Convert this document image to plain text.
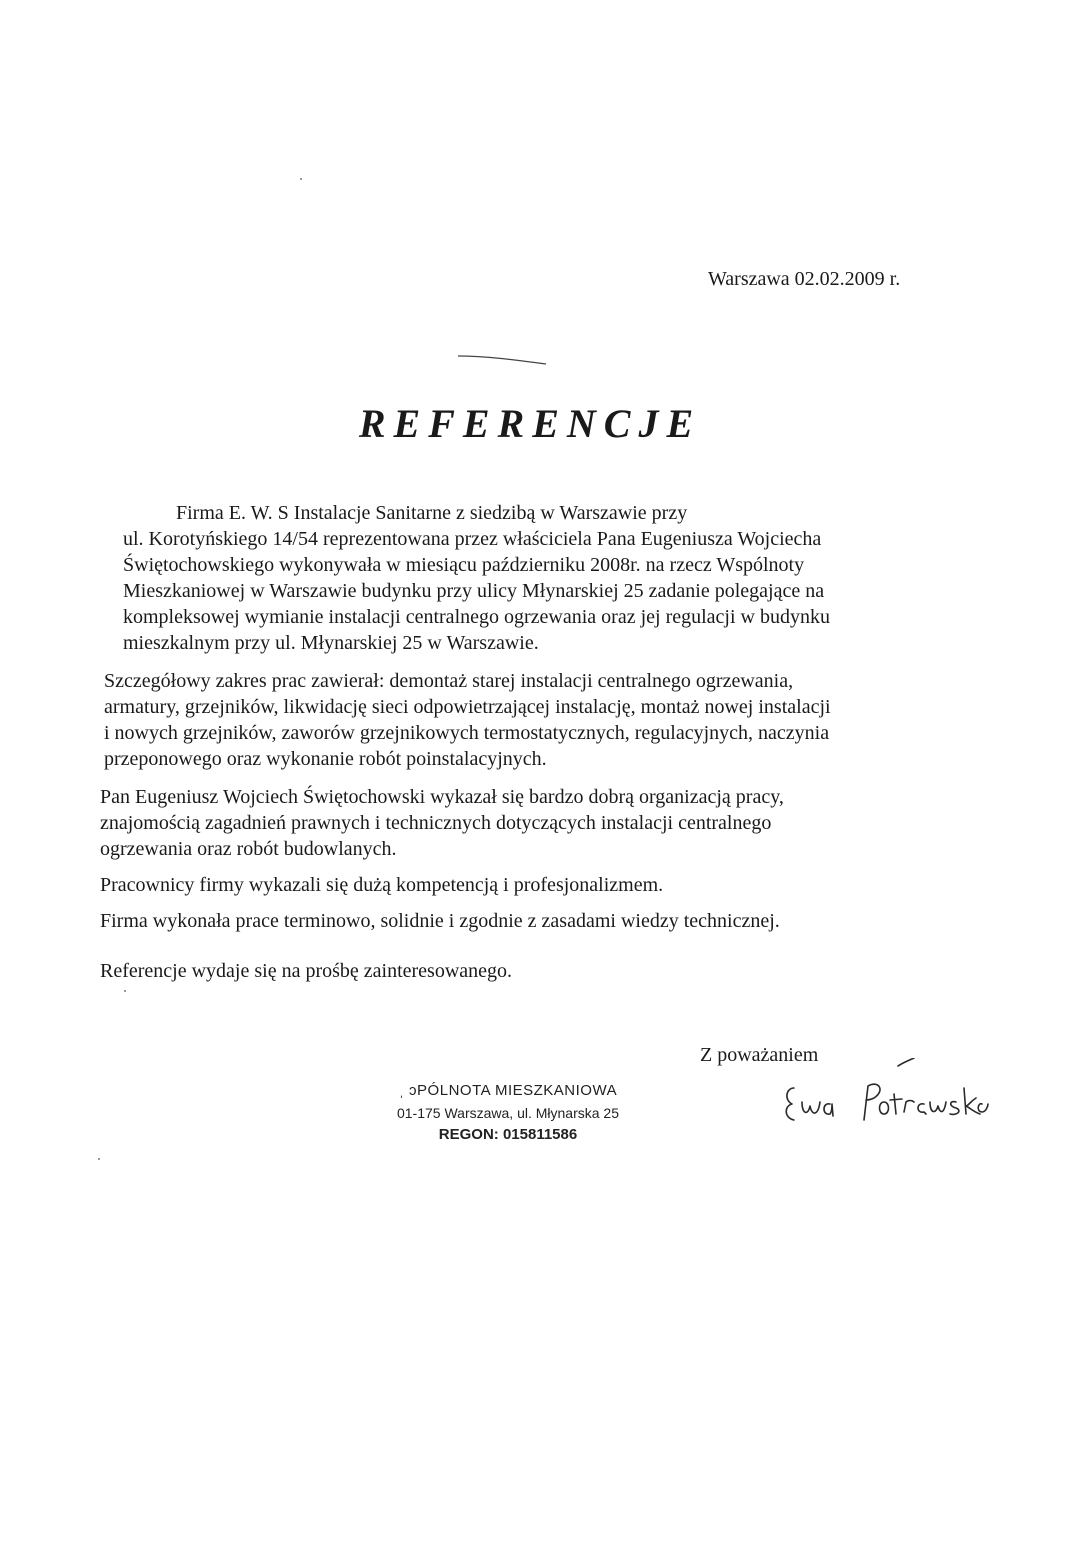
Warszawa 02.02.2009 r.
REFERENCJE
Firma E. W. S Instalacje Sanitarne z siedzibą w Warszawie przy
ul. Korotyńskiego 14/54 reprezentowana przez właściciela Pana Eugeniusza Wojciecha
Świętochowskiego wykonywała w miesiącu październiku 2008r. na rzecz Wspólnoty
Mieszkaniowej w Warszawie budynku przy ulicy Młynarskiej 25 zadanie polegające na
kompleksowej wymianie instalacji centralnego ogrzewania oraz jej regulacji w budynku
mieszkalnym przy ul. Młynarskiej 25 w Warszawie.
Szczegółowy zakres prac zawierał: demontaż starej instalacji centralnego ogrzewania,
armatury, grzejników, likwidację sieci odpowietrzającej instalację, montaż nowej instalacji
i nowych grzejników, zaworów grzejnikowych termostatycznych, regulacyjnych, naczynia
przeponowego oraz wykonanie robót poinstalacyjnych.
Pan Eugeniusz Wojciech Świętochowski wykazał się bardzo dobrą organizacją pracy,
znajomością zagadnień prawnych i technicznych dotyczących instalacji centralnego
ogrzewania oraz robót budowlanych.
Pracownicy firmy wykazali się dużą kompetencją i profesjonalizmem.
Firma wykonała prace terminowo, solidnie i zgodnie z zasadami wiedzy technicznej.
Referencje wydaje się na prośbę zainteresowanego.
Z poważaniem
ˌ ɔPÓLNOTA MIESZKANIOWA
01-175 Warszawa, ul. Młynarska 25
REGON: 015811586
